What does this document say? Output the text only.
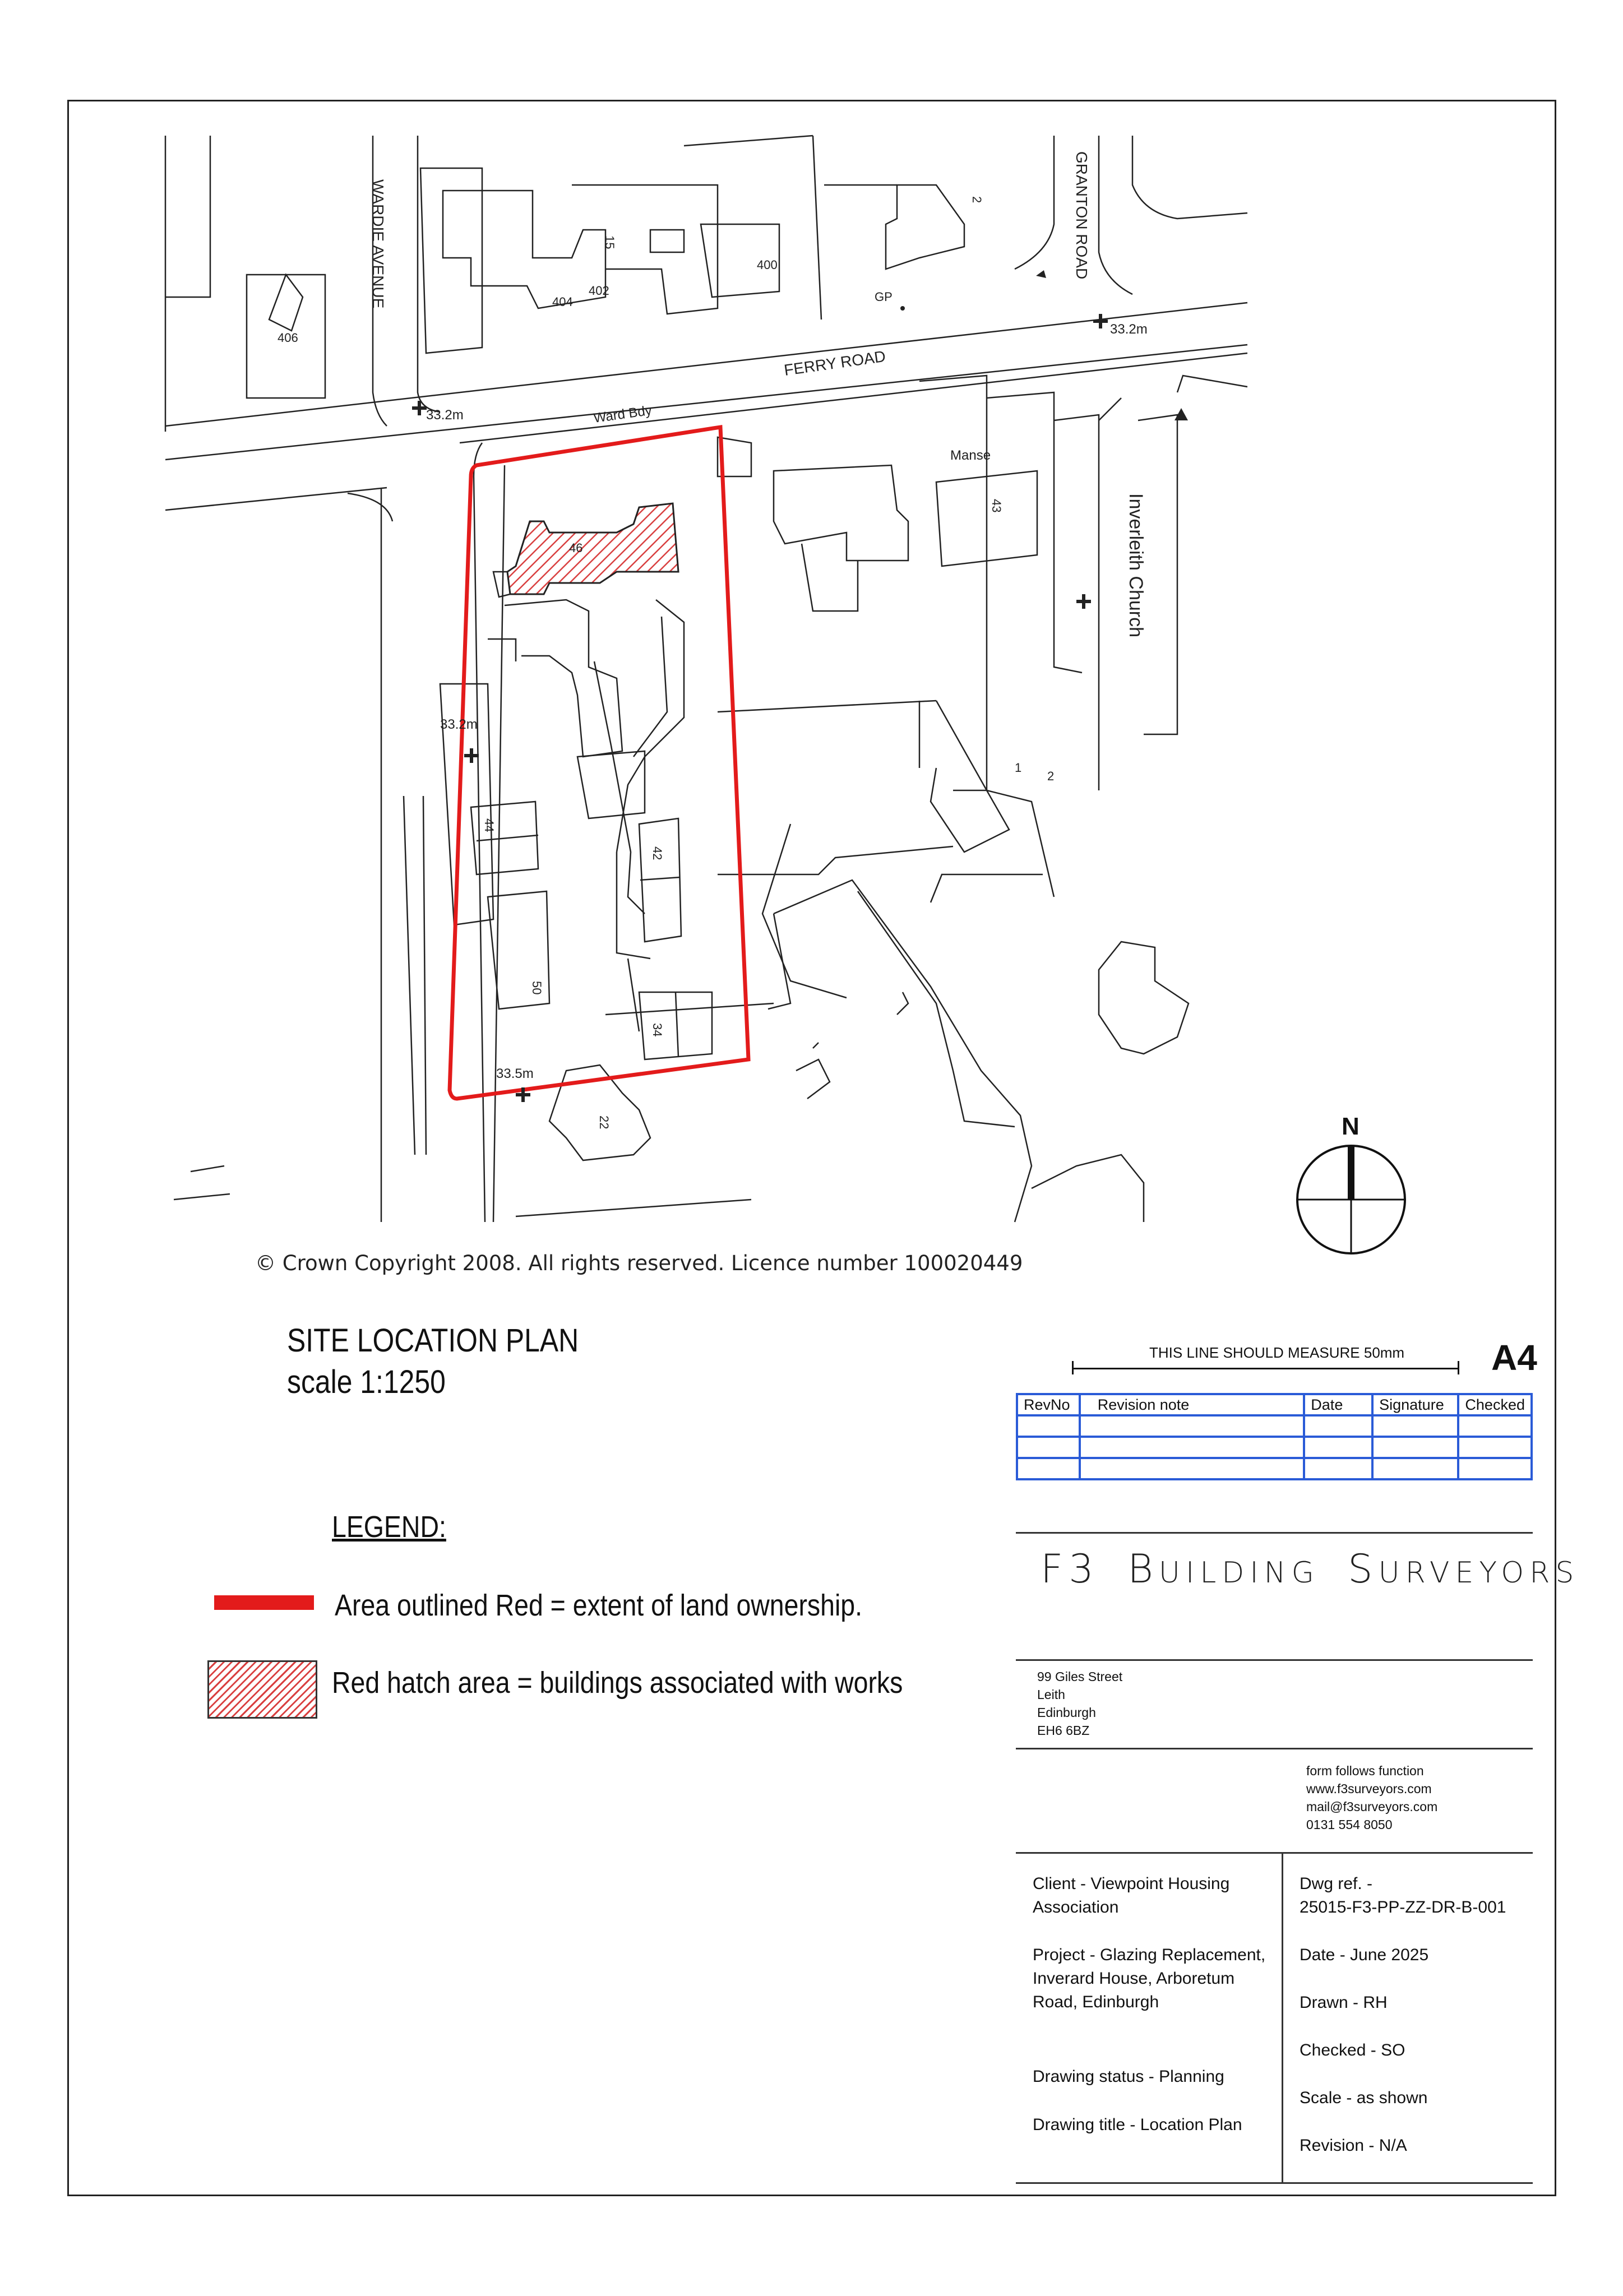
WARDIE AVENUE	GRANTON ROAD
FERRY ROAD
Ward Bdy
GP
Manse
Inverleith Church
33.2m
33.2m
33.2m
33.5m
406
404
402
400
15
2
43
1
2
46
44
50
42
34
22	N
© Crown Copyright 2008. All rights reserved. Licence number 100020449
SITE LOCATION PLAN
scale 1:1250
LEGEND:
Area outlined Red = extent of land ownership.
Red hatch area = buildings associated with works
THIS LINE SHOULD MEASURE 50mm A4
RevNo	Revision note	Date	Signature	Checked

F3 BUILDING SURVEYORS
99 Giles Street
Leith
Edinburgh
EH6 6BZ
form follows function
www.f3surveyors.com
mail@f3surveyors.com
0131 554 8050
Client - Viewpoint Housing
Association
Project - Glazing Replacement,
Inverard House, Arboretum
Road, Edinburgh
Drawing status - Planning
Drawing title - Location Plan
Dwg ref. -
25015-F3-PP-ZZ-DR-B-001
Date - June 2025
Drawn - RH
Checked - SO
Scale - as shown
Revision - N/A
